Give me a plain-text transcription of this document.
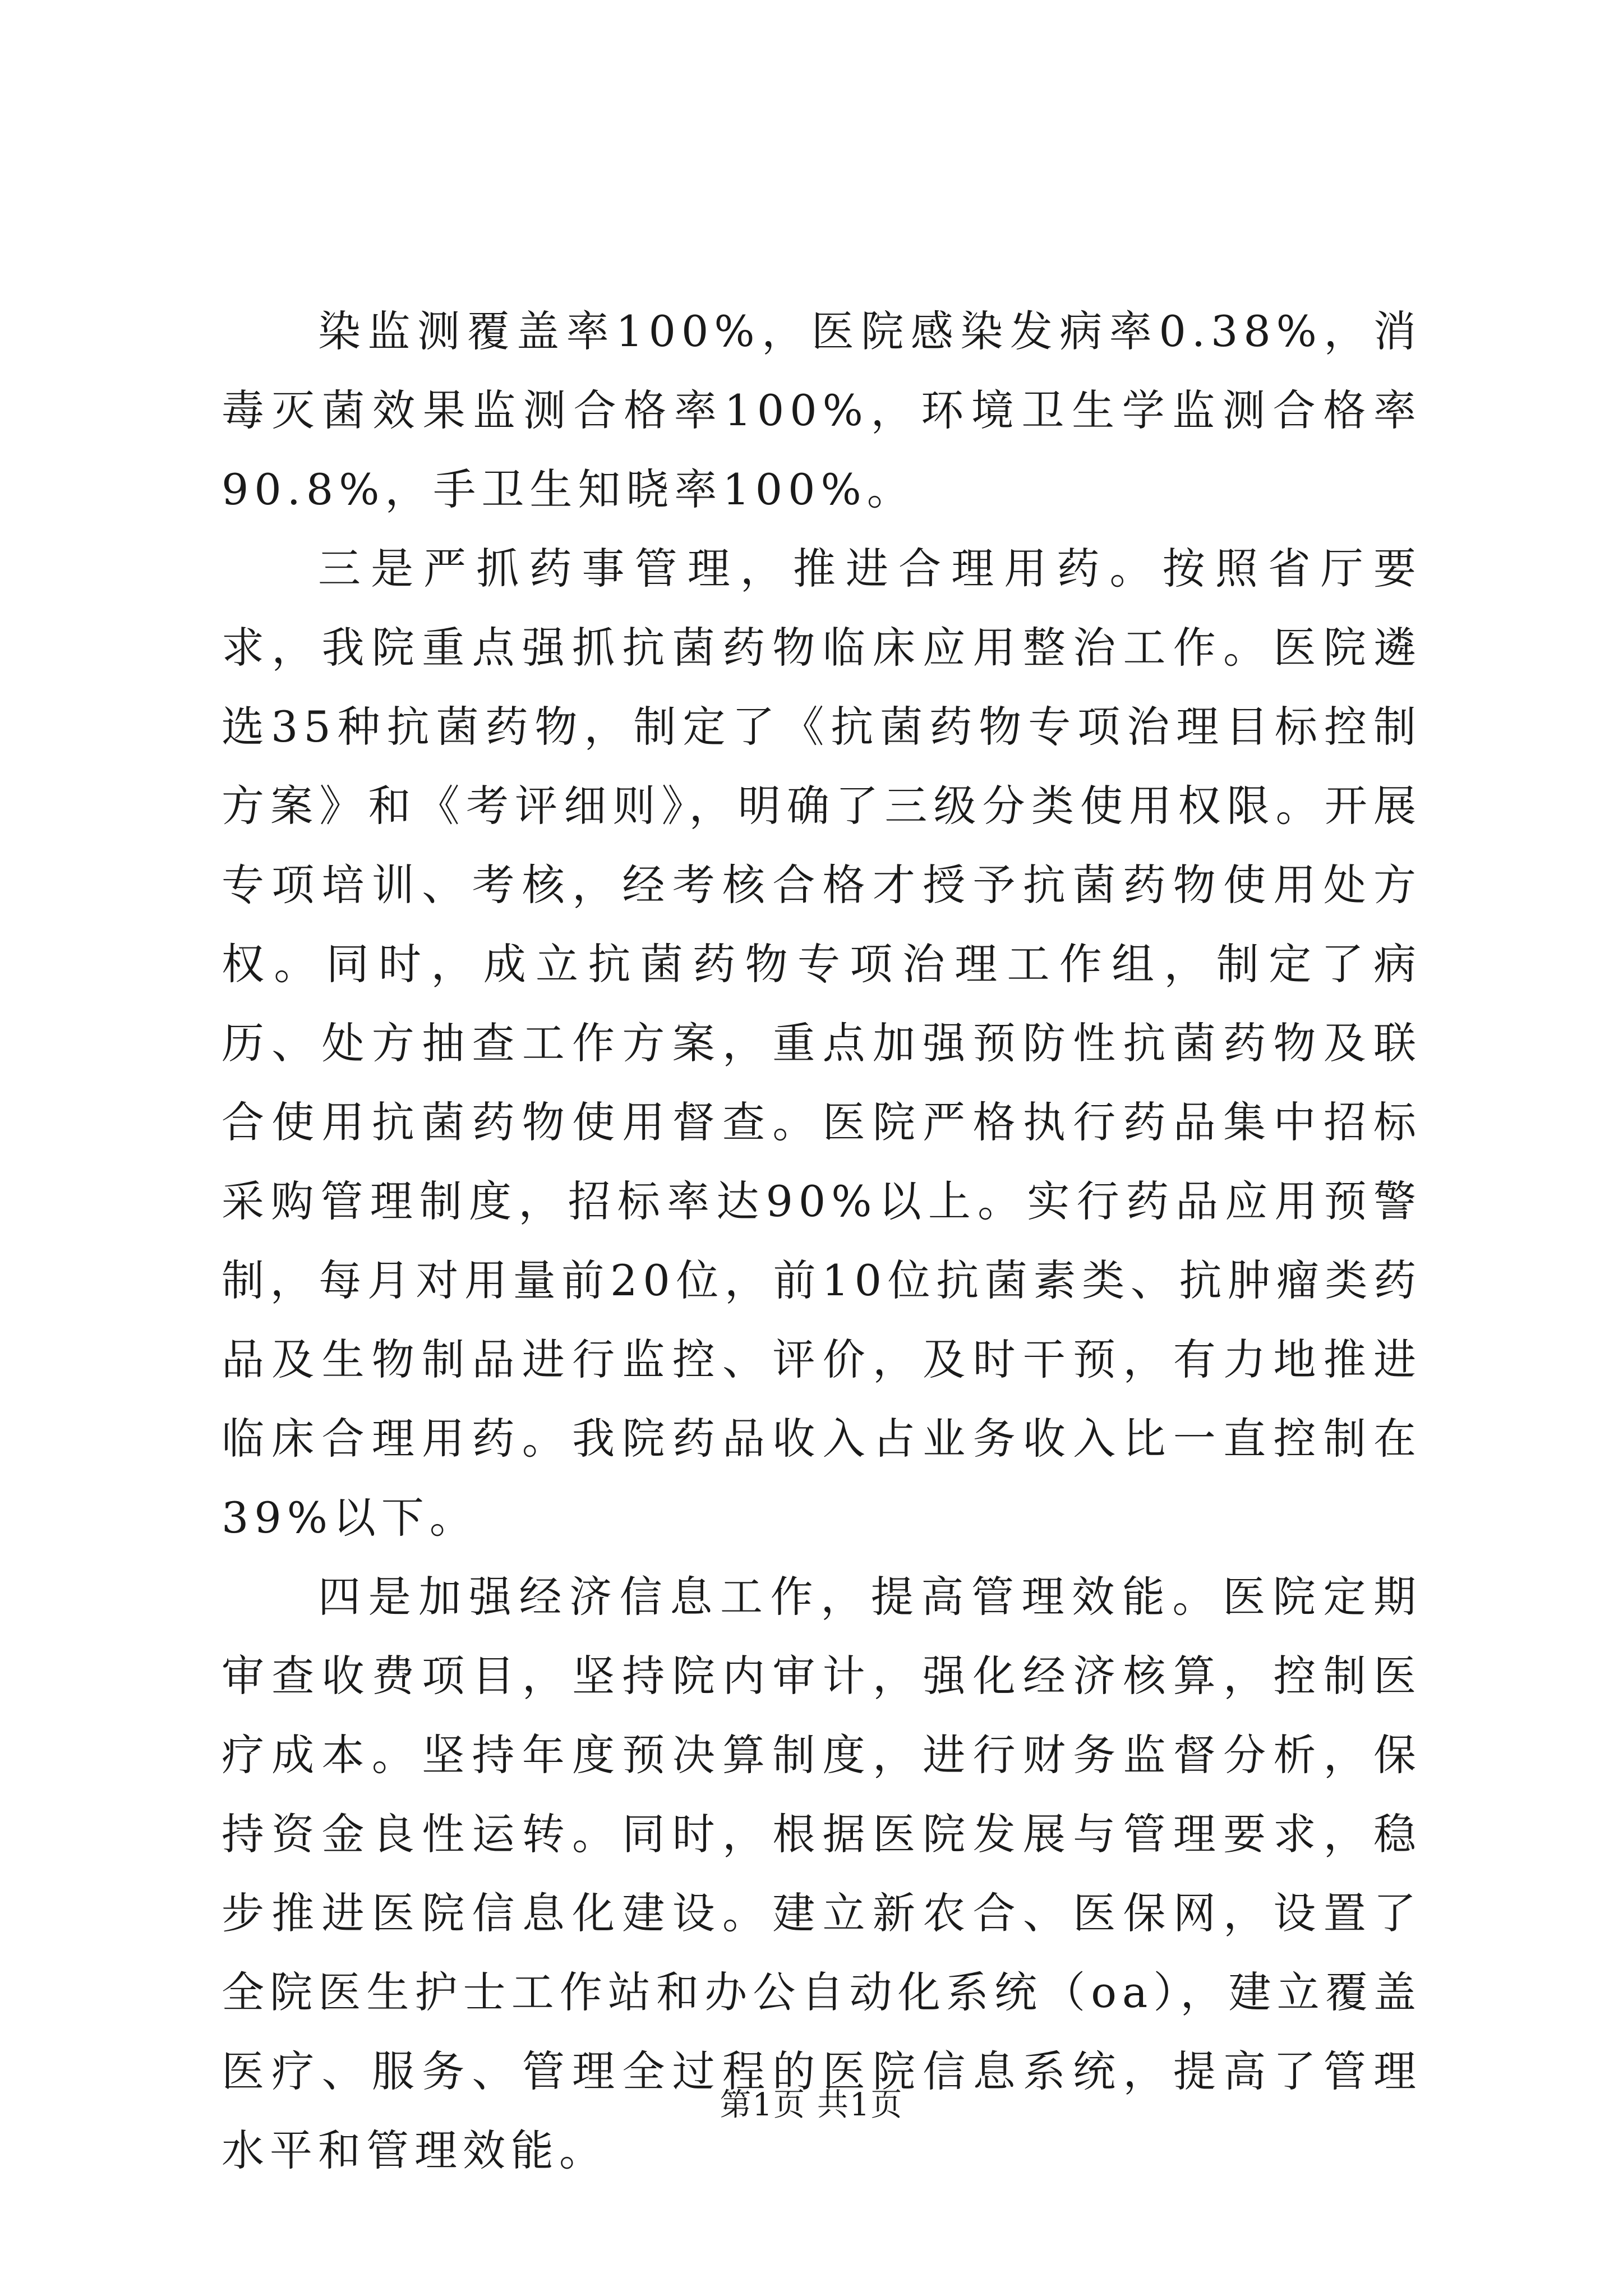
染监测覆盖率100%，医院感染发病率0.38%，消毒灭菌效果监测合格率100%，环境卫生学监测合格率90.8%，手卫生知晓率100%。

三是严抓药事管理，推进合理用药。按照省厅要求，我院重点强抓抗菌药物临床应用整治工作。医院遴选35种抗菌药物，制定了《抗菌药物专项治理目标控制方案》和《考评细则》，明确了三级分类使用权限。开展专项培训、考核，经考核合格才授予抗菌药物使用处方权。同时，成立抗菌药物专项治理工作组，制定了病历、处方抽查工作方案，重点加强预防性抗菌药物及联合使用抗菌药物使用督查。医院严格执行药品集中招标采购管理制度，招标率达90%以上。实行药品应用预警制，每月对用量前20位，前10位抗菌素类、抗肿瘤类药品及生物制品进行监控、评价，及时干预，有力地推进临床合理用药。我院药品收入占业务收入比一直控制在39%以下。

四是加强经济信息工作，提高管理效能。医院定期审查收费项目，坚持院内审计，强化经济核算，控制医疗成本。坚持年度预决算制度，进行财务监督分析，保持资金良性运转。同时，根据医院发展与管理要求，稳步推进医院信息化建设。建立新农合、医保网，设置了全院医生护士工作站和办公自动化系统（oa），建立覆盖医疗、服务、管理全过程的医院信息系统，提高了管理水平和管理效能。

第1页 共1页
